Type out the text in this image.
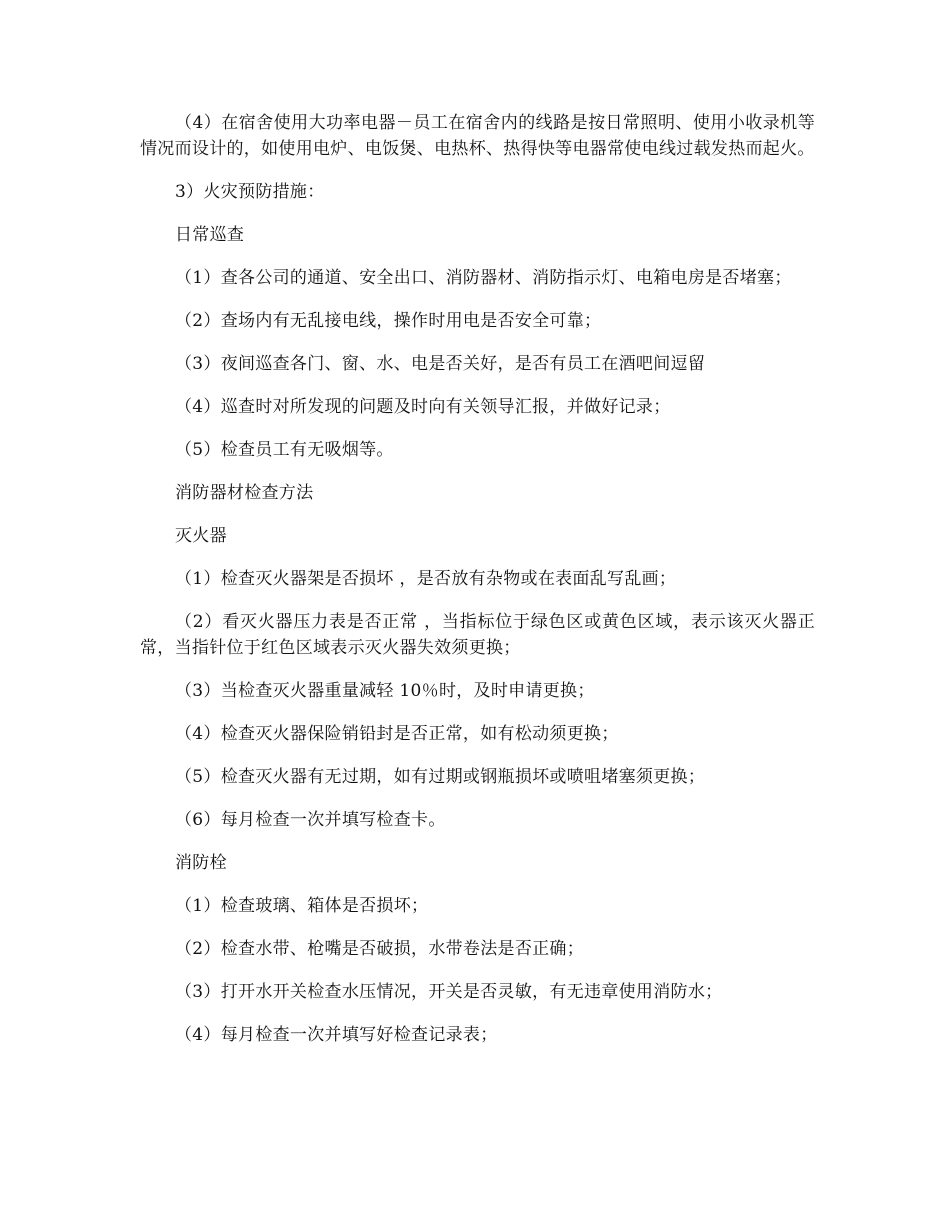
（4）在宿舍使用大功率电器－员工在宿舍内的线路是按日常照明、使用小收录机等情况而设计的，如使用电炉、电饭煲、电热杯、热得快等电器常使电线过载发热而起火。

3）火灾预防措施：

日常巡查

（1）查各公司的通道、安全出口、消防器材、消防指示灯、电箱电房是否堵塞；

（2）查场内有无乱接电线，操作时用电是否安全可靠；

（3）夜间巡查各门、窗、水、电是否关好，是否有员工在酒吧间逗留

（4）巡查时对所发现的问题及时向有关领导汇报，并做好记录；

（5）检查员工有无吸烟等。

消防器材检查方法

灭火器

（1）检查灭火器架是否损坏 ，是否放有杂物或在表面乱写乱画；

（2）看灭火器压力表是否正常 ，当指标位于绿色区或黄色区域，表示该灭火器正常，当指针位于红色区域表示灭火器失效须更换；

（3）当检查灭火器重量减轻 10％时，及时申请更换；

（4）检查灭火器保险销铅封是否正常，如有松动须更换；

（5）检查灭火器有无过期，如有过期或钢瓶损坏或喷咀堵塞须更换；

（6）每月检查一次并填写检查卡。

消防栓

（1）检查玻璃、箱体是否损坏；

（2）检查水带、枪嘴是否破损，水带卷法是否正确；

（3）打开水开关检查水压情况，开关是否灵敏，有无违章使用消防水；

（4）每月检查一次并填写好检查记录表；
